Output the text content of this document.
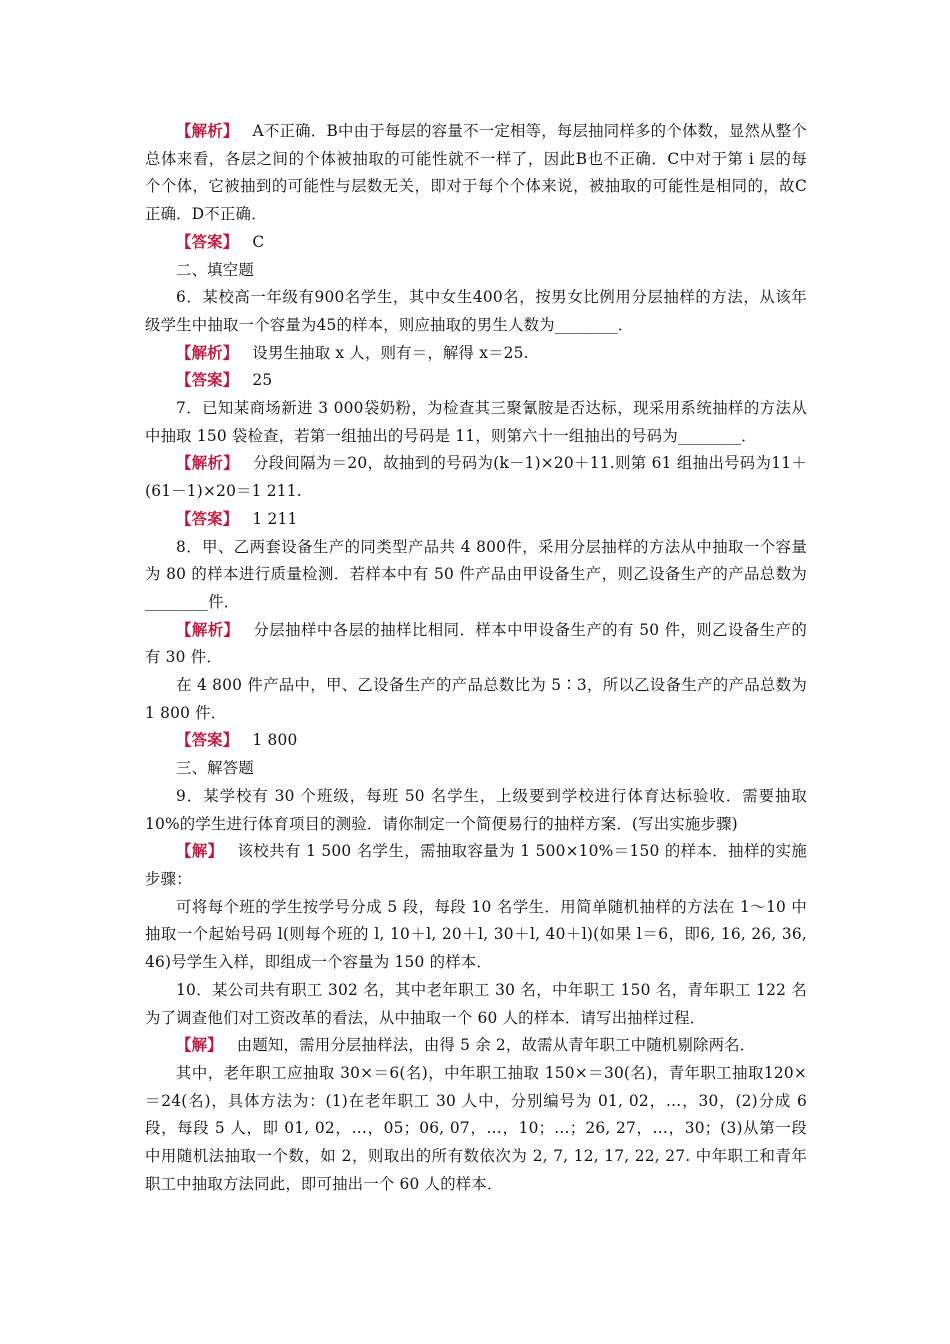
【解析】 A不正确．B中由于每层的容量不一定相等，每层抽同样多的个体数，显然从整个总体来看，各层之间的个体被抽取的可能性就不一样了，因此B也不正确．C中对于第 i 层的每个个体，它被抽到的可能性与层数无关，即对于每个个体来说，被抽取的可能性是相同的，故C正确．D不正确．

【答案】 C

二、填空题

6．某校高一年级有900名学生，其中女生400名，按男女比例用分层抽样的方法，从该年级学生中抽取一个容量为45的样本，则应抽取的男生人数为________．

【解析】 设男生抽取 x 人，则有＝，解得 x＝25.

【答案】 25

7．已知某商场新进 3 000袋奶粉，为检查其三聚氰胺是否达标，现采用系统抽样的方法从中抽取 150 袋检查，若第一组抽出的号码是 11，则第六十一组抽出的号码为________．

【解析】 分段间隔为＝20，故抽到的号码为(k－1)×20＋11.则第 61 组抽出号码为11＋(61－1)×20＝1 211.

【答案】 1 211

8．甲、乙两套设备生产的同类型产品共 4 800件，采用分层抽样的方法从中抽取一个容量为 80 的样本进行质量检测．若样本中有 50 件产品由甲设备生产，则乙设备生产的产品总数为________件．

【解析】 分层抽样中各层的抽样比相同．样本中甲设备生产的有 50 件，则乙设备生产的有 30 件．

在 4 800 件产品中，甲、乙设备生产的产品总数比为 5∶3，所以乙设备生产的产品总数为 1 800 件．

【答案】 1 800

三、解答题

9．某学校有 30 个班级，每班 50 名学生，上级要到学校进行体育达标验收．需要抽取10%的学生进行体育项目的测验．请你制定一个简便易行的抽样方案．(写出实施步骤)

【解】 该校共有 1 500 名学生，需抽取容量为 1 500×10%＝150 的样本．抽样的实施步骤：

可将每个班的学生按学号分成 5 段，每段 10 名学生．用简单随机抽样的方法在 1～10 中抽取一个起始号码 l(则每个班的 l, 10＋l, 20＋l, 30＋l, 40＋l)(如果 l＝6，即6, 16, 26, 36, 46)号学生入样，即组成一个容量为 150 的样本．

10．某公司共有职工 302 名，其中老年职工 30 名，中年职工 150 名，青年职工 122 名为了调查他们对工资改革的看法，从中抽取一个 60 人的样本．请写出抽样过程．

【解】 由题知，需用分层抽样法，由得 5 余 2，故需从青年职工中随机剔除两名．

其中，老年职工应抽取 30×＝6(名)，中年职工抽取 150×＝30(名)，青年职工抽取120×＝24(名)，具体方法为：(1)在老年职工 30 人中，分别编号为 01, 02，…，30，(2)分成 6 段，每段 5 人，即 01, 02，…，05；06, 07，…，10；…；26, 27，…，30；(3)从第一段中用随机法抽取一个数，如 2，则取出的所有数依次为 2, 7, 12, 17, 22, 27. 中年职工和青年职工中抽取方法同此，即可抽出一个 60 人的样本．
